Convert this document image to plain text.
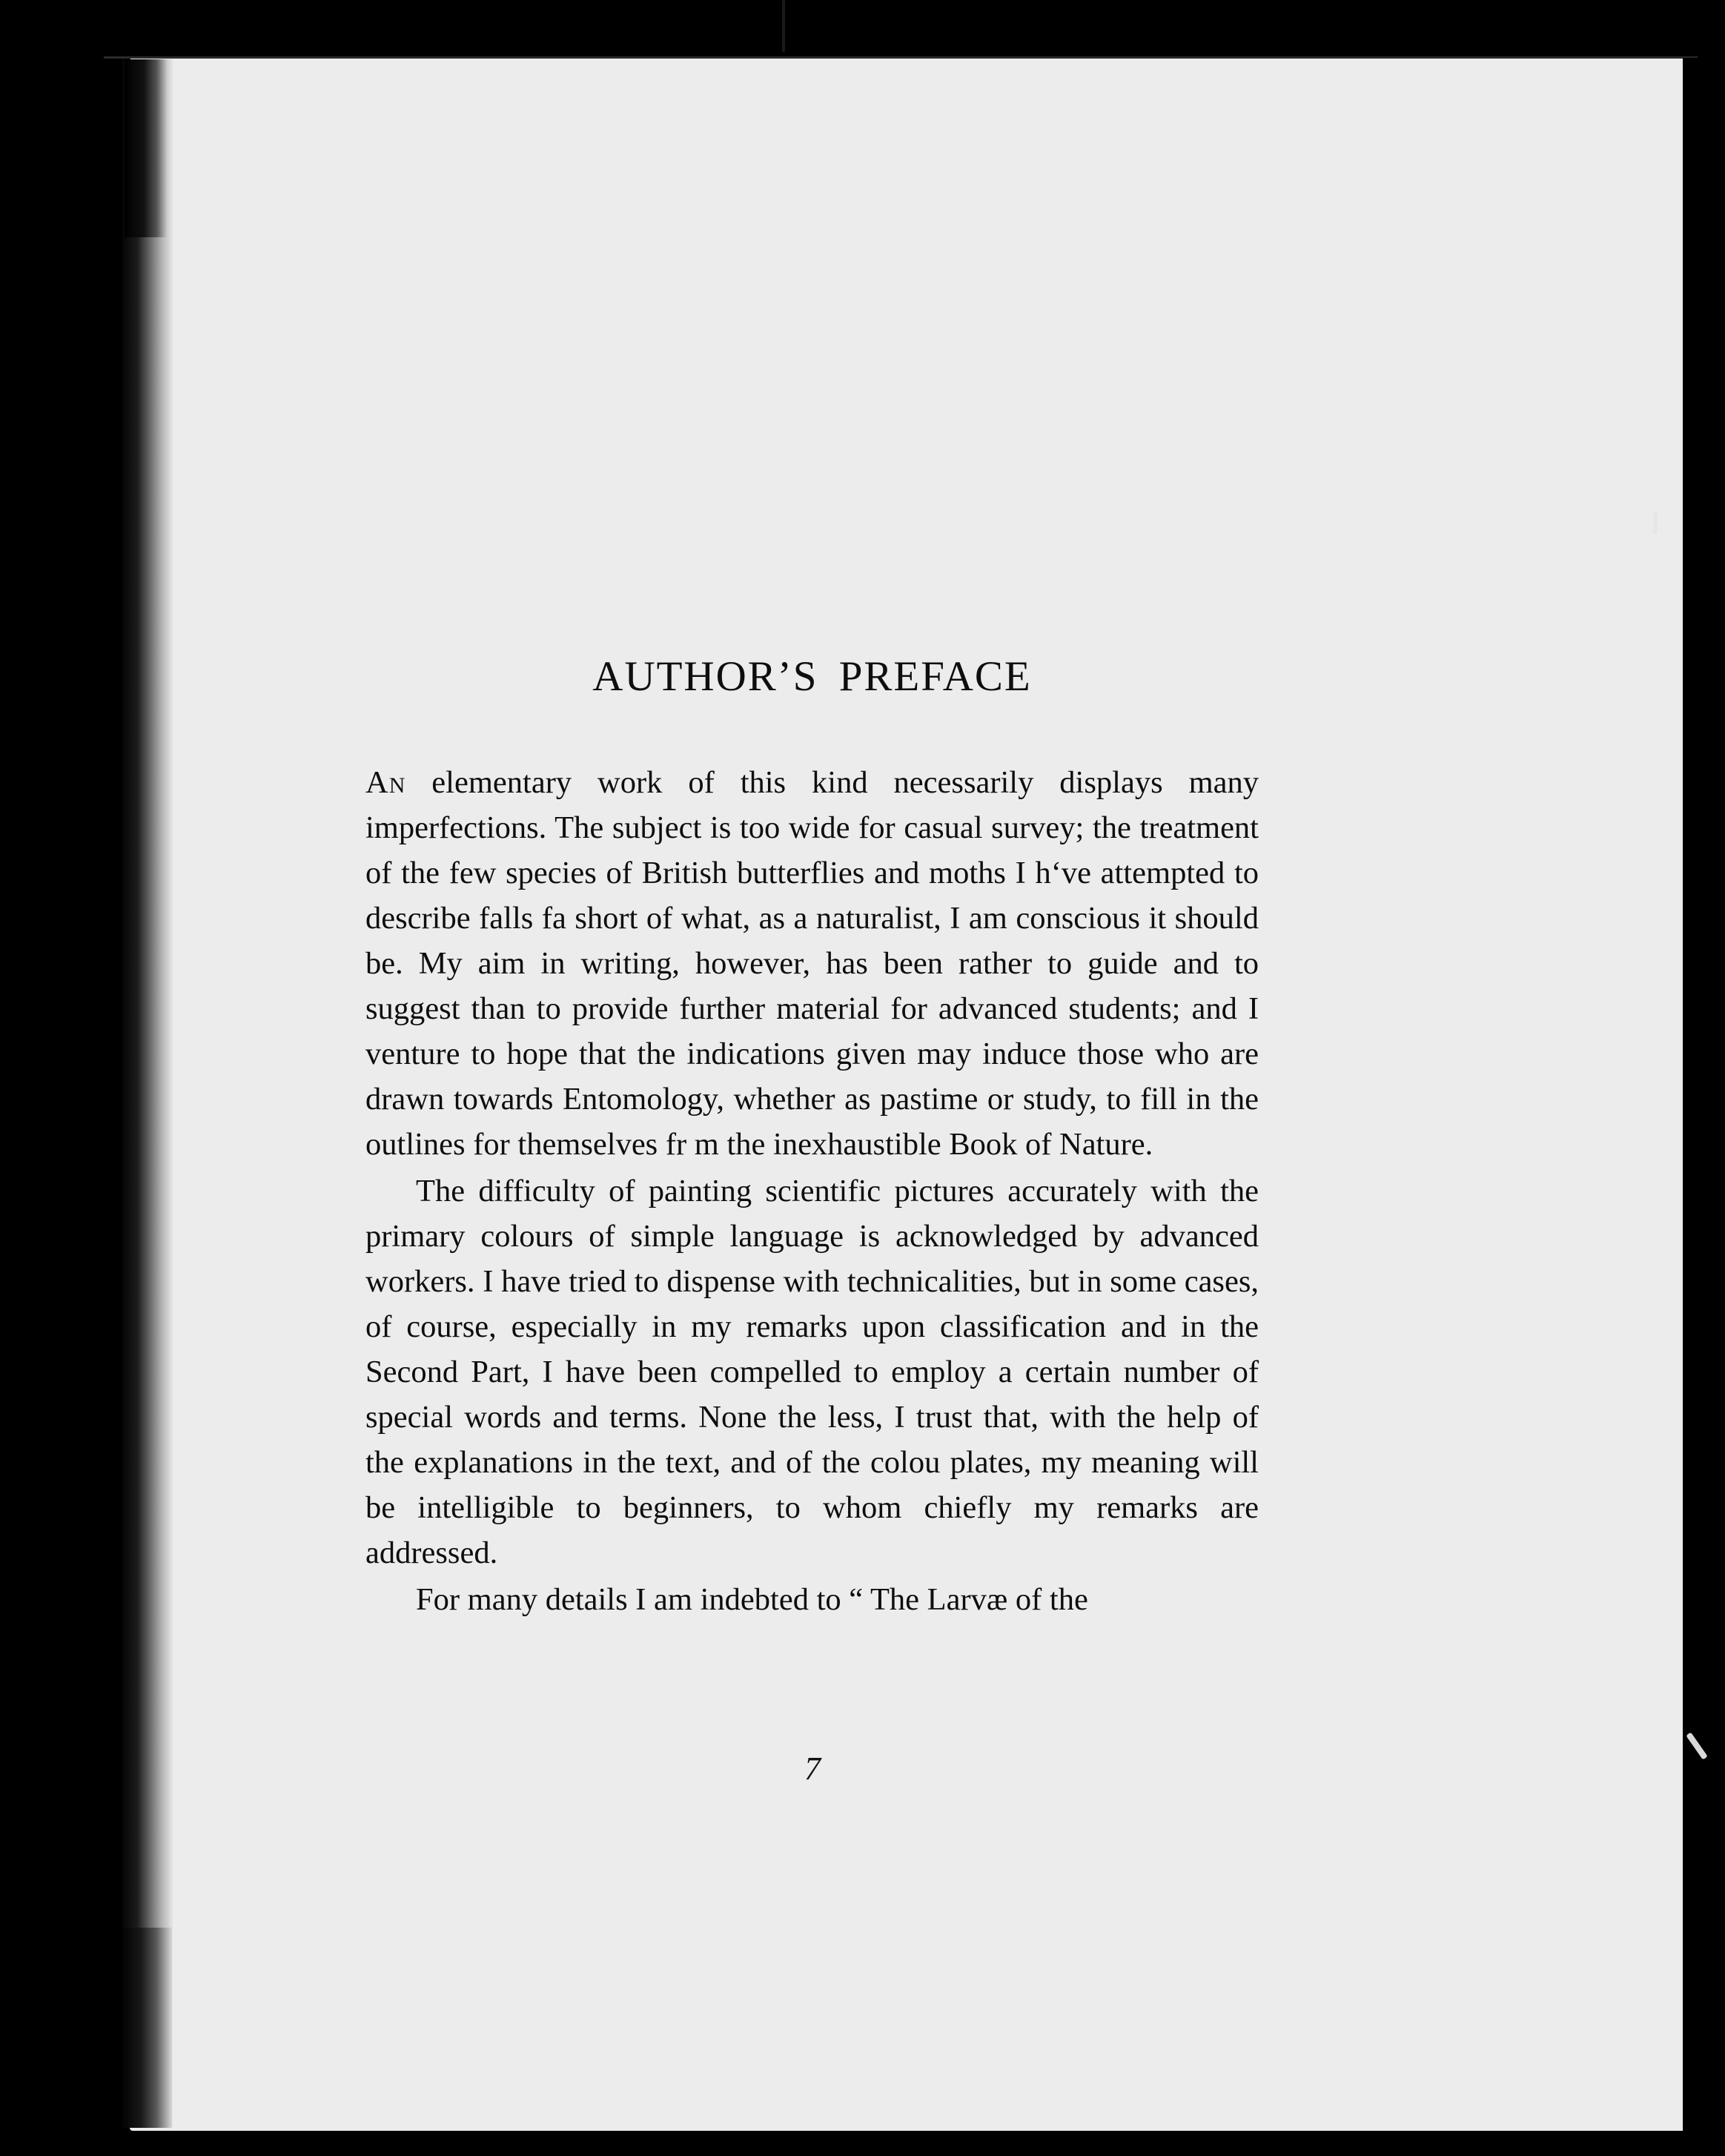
AUTHOR’S PREFACE

An elementary work of this kind necessarily displays many imperfections. The subject is too wide for casual survey; the treatment of the few species of British butterflies and moths I hʻve attempted to describe falls fa short of what, as a naturalist, I am conscious it should be. My aim in writing, however, has been rather to guide and to suggest than to provide further material for advanced students; and I venture to hope that the indications given may induce those who are drawn towards Entomology, whether as pastime or study, to fill in the outlines for themselves fr m the inexhaustible Book of Nature.

The difficulty of painting scientific pictures accurately with the primary colours of simple language is acknowledged by advanced workers. I have tried to dispense with technicalities, but in some cases, of course, especially in my remarks upon classification and in the Second Part, I have been compelled to employ a certain number of special words and terms. None the less, I trust that, with the help of the explanations in the text, and of the colou plates, my meaning will be intelligible to beginners, to whom chiefly my remarks are addressed.

For many details I am indebted to “ The Larvæ of the

7
